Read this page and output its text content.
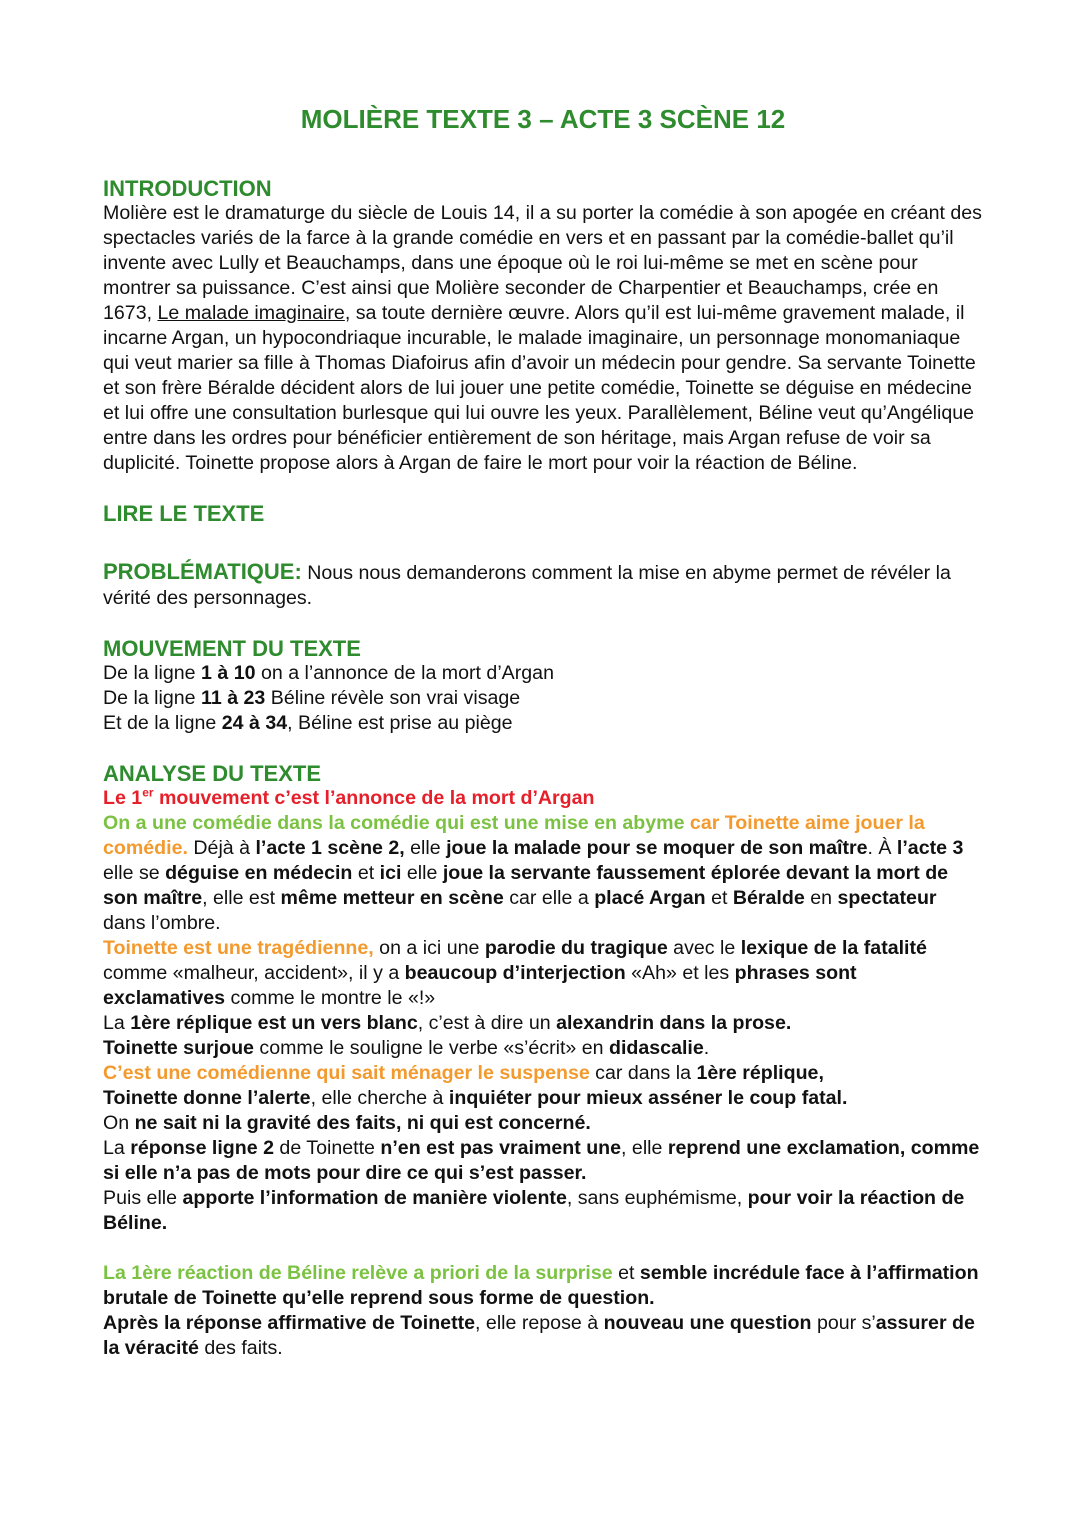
MOLIÈRE TEXTE 3 – ACTE 3 SCÈNE 12
INTRODUCTION

Molière est le dramaturge du siècle de Louis 14, il a su porter la comédie à son apogée en créant des spectacles variés de la farce à la grande comédie en vers et en passant par la comédie-ballet qu’il invente avec Lully et Beauchamps, dans une époque où le roi lui-même se met en scène pour montrer sa puissance. C’est ainsi que Molière seconder de Charpentier et Beauchamps, crée en 1673, Le malade imaginaire, sa toute dernière œuvre. Alors qu’il est lui-même gravement malade, il incarne Argan, un hypocondriaque incurable, le malade imaginaire, un personnage monomaniaque qui veut marier sa fille à Thomas Diafoirus afin d’avoir un médecin pour gendre. Sa servante Toinette et son frère Béralde décident alors de lui jouer une petite comédie, Toinette se déguise en médecine et lui offre une consultation burlesque qui lui ouvre les yeux. Parallèlement, Béline veut qu’Angélique entre dans les ordres pour bénéficier entièrement de son héritage, mais Argan refuse de voir sa duplicité. Toinette propose alors à Argan de faire le mort pour voir la réaction de Béline.

LIRE LE TEXTE

PROBLÉMATIQUE: Nous nous demanderons comment la mise en abyme permet de révéler la vérité des personnages.

MOUVEMENT DU TEXTE

De la ligne 1 à 10 on a l’annonce de la mort d’Argan

De la ligne 11 à 23 Béline révèle son vrai visage

Et de la ligne 24 à 34, Béline est prise au piège

ANALYSE DU TEXTE

Le 1er mouvement c’est l’annonce de la mort d’Argan

On a une comédie dans la comédie qui est une mise en abyme car Toinette aime jouer la comédie. Déjà à l’acte 1 scène 2, elle joue la malade pour se moquer de son maître. À l’acte 3 elle se déguise en médecin et ici elle joue la servante faussement éplorée devant la mort de son maître, elle est même metteur en scène car elle a placé Argan et Béralde en spectateur dans l’ombre.

Toinette est une tragédienne, on a ici une parodie du tragique avec le lexique de la fatalité comme «malheur, accident», il y a beaucoup d’interjection «Ah» et les phrases sont exclamatives comme le montre le «!»

La 1ère réplique est un vers blanc, c’est à dire un alexandrin dans la prose.

Toinette surjoue comme le souligne le verbe «s’écrit» en didascalie.

C’est une comédienne qui sait ménager le suspense car dans la 1ère réplique,
Toinette donne l’alerte, elle cherche à inquiéter pour mieux asséner le coup fatal.

On ne sait ni la gravité des faits, ni qui est concerné.

La réponse ligne 2 de Toinette n’en est pas vraiment une, elle reprend une exclamation, comme si elle n’a pas de mots pour dire ce qui s’est passer.

Puis elle apporte l’information de manière violente, sans euphémisme, pour voir la réaction de Béline.

La 1ère réaction de Béline relève a priori de la surprise et semble incrédule face à l’affirmation brutale de Toinette qu’elle reprend sous forme de question.

Après la réponse affirmative de Toinette, elle repose à nouveau une question pour s’assurer de la véracité des faits.
